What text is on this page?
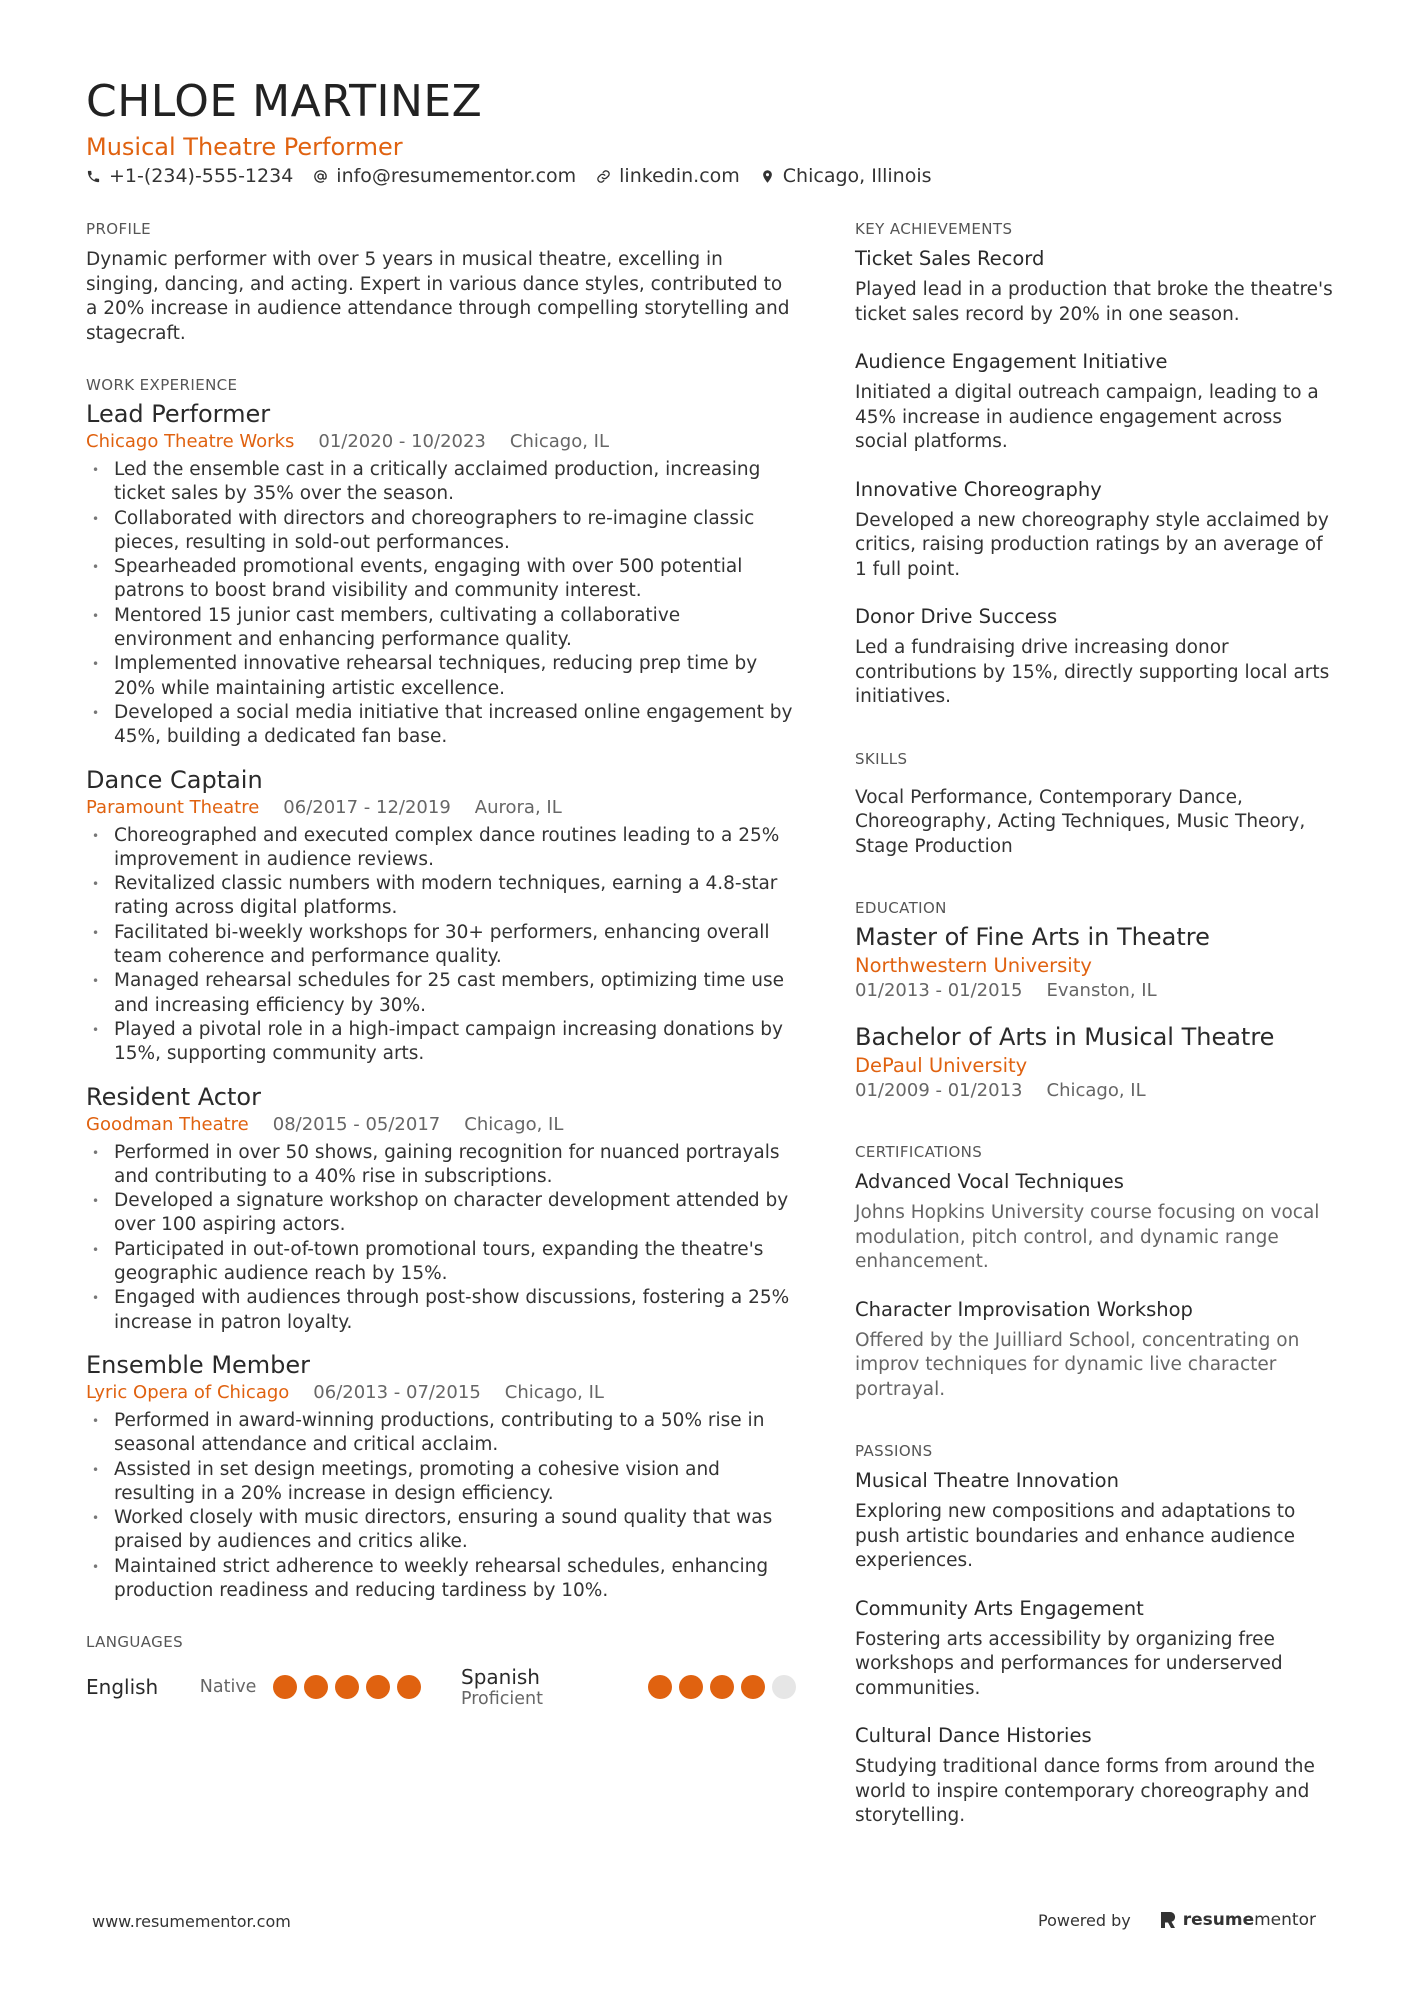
CHLOE MARTINEZ
Musical Theatre Performer
+1-(234)-555-1234 info@resumementor.com linkedin.com Chicago, Illinois
PROFILE

Dynamic performer with over 5 years in musical theatre, excelling in singing, dancing, and acting. Expert in various dance styles, contributed to a 20% increase in audience attendance through compelling storytelling and stagecraft.

WORK EXPERIENCE
Lead Performer
Chicago Theatre Works 01/2020 - 10/2023 Chicago, IL
• Led the ensemble cast in a critically acclaimed production, increasing ticket sales by 35% over the season.
• Collaborated with directors and choreographers to re-imagine classic pieces, resulting in sold-out performances.
• Spearheaded promotional events, engaging with over 500 potential patrons to boost brand visibility and community interest.
• Mentored 15 junior cast members, cultivating a collaborative environment and enhancing performance quality.
• Implemented innovative rehearsal techniques, reducing prep time by 20% while maintaining artistic excellence.
• Developed a social media initiative that increased online engagement by 45%, building a dedicated fan base.
Dance Captain
Paramount Theatre 06/2017 - 12/2019 Aurora, IL
• Choreographed and executed complex dance routines leading to a 25% improvement in audience reviews.
• Revitalized classic numbers with modern techniques, earning a 4.8-star rating across digital platforms.
• Facilitated bi-weekly workshops for 30+ performers, enhancing overall team coherence and performance quality.
• Managed rehearsal schedules for 25 cast members, optimizing time use and increasing efficiency by 30%.
• Played a pivotal role in a high-impact campaign increasing donations by 15%, supporting community arts.
Resident Actor
Goodman Theatre 08/2015 - 05/2017 Chicago, IL
• Performed in over 50 shows, gaining recognition for nuanced portrayals and contributing to a 40% rise in subscriptions.
• Developed a signature workshop on character development attended by over 100 aspiring actors.
• Participated in out-of-town promotional tours, expanding the theatre's geographic audience reach by 15%.
• Engaged with audiences through post-show discussions, fostering a 25% increase in patron loyalty.
Ensemble Member
Lyric Opera of Chicago 06/2013 - 07/2015 Chicago, IL
• Performed in award-winning productions, contributing to a 50% rise in seasonal attendance and critical acclaim.
• Assisted in set design meetings, promoting a cohesive vision and resulting in a 20% increase in design efficiency.
• Worked closely with music directors, ensuring a sound quality that was praised by audiences and critics alike.
• Maintained strict adherence to weekly rehearsal schedules, enhancing production readiness and reducing tardiness by 10%.
LANGUAGES
English	Native	Spanish
Proficient
KEY ACHIEVEMENTS
Ticket Sales Record
Played lead in a production that broke the theatre's ticket sales record by 20% in one season.
Audience Engagement Initiative
Initiated a digital outreach campaign, leading to a 45% increase in audience engagement across social platforms.
Innovative Choreography
Developed a new choreography style acclaimed by critics, raising production ratings by an average of 1 full point.
Donor Drive Success
Led a fundraising drive increasing donor contributions by 15%, directly supporting local arts initiatives.
SKILLS

Vocal Performance, Contemporary Dance, Choreography, Acting Techniques, Music Theory, Stage Production

EDUCATION
Master of Fine Arts in Theatre
Northwestern University
01/2013 - 01/2015 Evanston, IL
Bachelor of Arts in Musical Theatre
DePaul University
01/2009 - 01/2013 Chicago, IL
CERTIFICATIONS
Advanced Vocal Techniques
Johns Hopkins University course focusing on vocal modulation, pitch control, and dynamic range enhancement.
Character Improvisation Workshop
Offered by the Juilliard School, concentrating on improv techniques for dynamic live character portrayal.
PASSIONS
Musical Theatre Innovation
Exploring new compositions and adaptations to push artistic boundaries and enhance audience experiences.
Community Arts Engagement
Fostering arts accessibility by organizing free workshops and performances for underserved communities.
Cultural Dance Histories
Studying traditional dance forms from around the world to inspire contemporary choreography and storytelling.
www.resumementor.com	Powered by	resumementor
